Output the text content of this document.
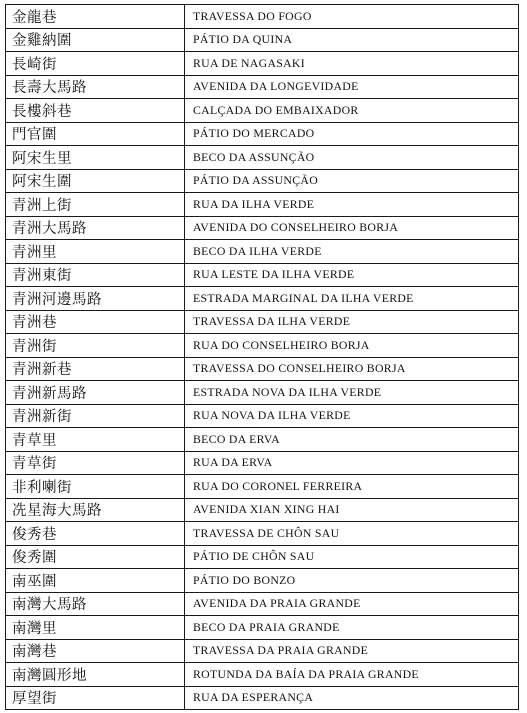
金龍巷	TRAVESSA DO FOGO
金雞納圍	PÁTIO DA QUINA
長崎街	RUA DE NAGASAKI
長壽大馬路	AVENIDA DA LONGEVIDADE
長樓斜巷	CALÇADA DO EMBAIXADOR
門官圍	PÁTIO DO MERCADO
阿宋生里	BECO DA ASSUNÇÃO
阿宋生圍	PÁTIO DA ASSUNÇÃO
青洲上街	RUA DA ILHA VERDE
青洲大馬路	AVENIDA DO CONSELHEIRO BORJA
青洲里	BECO DA ILHA VERDE
青洲東街	RUA LESTE DA ILHA VERDE
青洲河邊馬路	ESTRADA MARGINAL DA ILHA VERDE
青洲巷	TRAVESSA DA ILHA VERDE
青洲街	RUA DO CONSELHEIRO BORJA
青洲新巷	TRAVESSA DO CONSELHEIRO BORJA
青洲新馬路	ESTRADA NOVA DA ILHA VERDE
青洲新街	RUA NOVA DA ILHA VERDE
青草里	BECO DA ERVA
青草街	RUA DA ERVA
非利喇街	RUA DO CORONEL FERREIRA
冼星海大馬路	AVENIDA XIAN XING HAI
俊秀巷	TRAVESSA DE CHÔN SAU
俊秀圍	PÁTIO DE CHÔN SAU
南巫圍	PÁTIO DO BONZO
南灣大馬路	AVENIDA DA PRAIA GRANDE
南灣里	BECO DA PRAIA GRANDE
南灣巷	TRAVESSA DA PRAIA GRANDE
南灣圓形地	ROTUNDA DA BAÍA DA PRAIA GRANDE
厚望街	RUA DA ESPERANÇA
